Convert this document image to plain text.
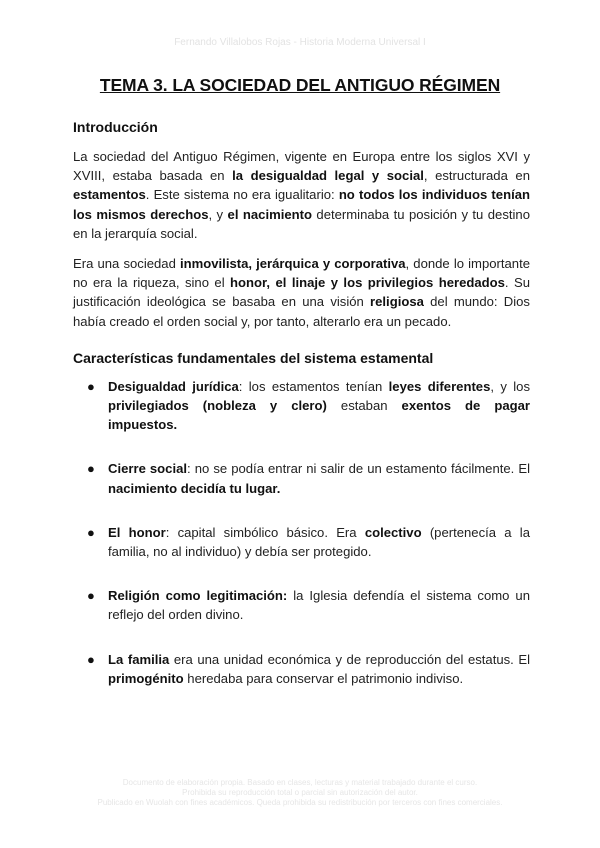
Fernando Villalobos Rojas - Historia Moderna Universal I
TEMA 3. LA SOCIEDAD DEL ANTIGUO RÉGIMEN
Introducción

La sociedad del Antiguo Régimen, vigente en Europa entre los siglos XVI y XVIII, estaba basada en la desigualdad legal y social, estructurada en estamentos. Este sistema no era igualitario: no todos los individuos tenían los mismos derechos, y el nacimiento determinaba tu posición y tu destino en la jerarquía social.

Era una sociedad inmovilista, jerárquica y corporativa, donde lo importante no era la riqueza, sino el honor, el linaje y los privilegios heredados. Su justificación ideológica se basaba en una visión religiosa del mundo: Dios había creado el orden social y, por tanto, alterarlo era un pecado.

Características fundamentales del sistema estamental
● Desigualdad jurídica: los estamentos tenían leyes diferentes, y los privilegiados (nobleza y clero) estaban exentos de pagar impuestos.
● Cierre social: no se podía entrar ni salir de un estamento fácilmente. El nacimiento decidía tu lugar.
● El honor: capital simbólico básico. Era colectivo (pertenecía a la familia, no al individuo) y debía ser protegido.
● Religión como legitimación: la Iglesia defendía el sistema como un reflejo del orden divino.
● La familia era una unidad económica y de reproducción del estatus. El primogénito heredaba para conservar el patrimonio indiviso.
Documento de elaboración propia. Basado en clases, lecturas y material trabajado durante el curso.
Prohibida su reproducción total o parcial sin autorización del autor.
Publicado en Wuolah con fines académicos. Queda prohibida su redistribución por terceros con fines comerciales.
